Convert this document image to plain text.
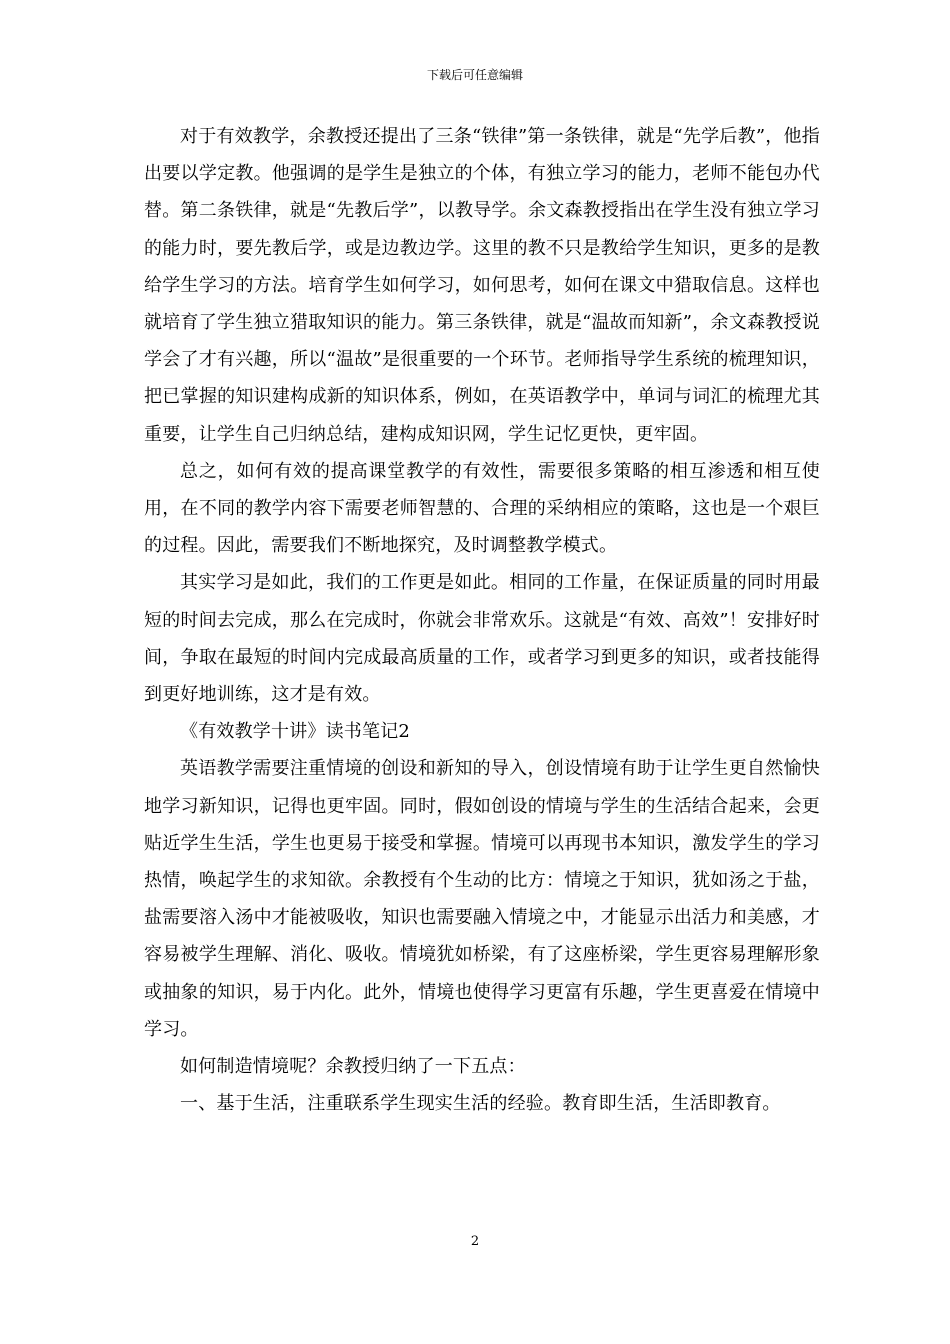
下载后可任意编辑

对于有效教学，余教授还提出了三条“铁律”第一条铁律，就是“先学后教”，他指出要以学定教。他强调的是学生是独立的个体，有独立学习的能力，老师不能包办代替。第二条铁律，就是“先教后学”，以教导学。余文森教授指出在学生没有独立学习的能力时，要先教后学，或是边教边学。这里的教不只是教给学生知识，更多的是教给学生学习的方法。培育学生如何学习，如何思考，如何在课文中猎取信息。这样也就培育了学生独立猎取知识的能力。第三条铁律，就是“温故而知新”，余文森教授说学会了才有兴趣，所以“温故”是很重要的一个环节。老师指导学生系统的梳理知识，把已掌握的知识建构成新的知识体系，例如，在英语教学中，单词与词汇的梳理尤其重要，让学生自己归纳总结，建构成知识网，学生记忆更快，更牢固。

总之，如何有效的提高课堂教学的有效性，需要很多策略的相互渗透和相互使用，在不同的教学内容下需要老师智慧的、合理的采纳相应的策略，这也是一个艰巨的过程。因此，需要我们不断地探究，及时调整教学模式。

其实学习是如此，我们的工作更是如此。相同的工作量，在保证质量的同时用最短的时间去完成，那么在完成时，你就会非常欢乐。这就是“有效、高效”！安排好时间，争取在最短的时间内完成最高质量的工作，或者学习到更多的知识，或者技能得到更好地训练，这才是有效。

《有效教学十讲》读书笔记2

英语教学需要注重情境的创设和新知的导入，创设情境有助于让学生更自然愉快地学习新知识，记得也更牢固。同时，假如创设的情境与学生的生活结合起来，会更贴近学生生活，学生也更易于接受和掌握。情境可以再现书本知识，激发学生的学习热情，唤起学生的求知欲。余教授有个生动的比方：情境之于知识，犹如汤之于盐，盐需要溶入汤中才能被吸收，知识也需要融入情境之中，才能显示出活力和美感，才容易被学生理解、消化、吸收。情境犹如桥梁，有了这座桥梁，学生更容易理解形象或抽象的知识，易于内化。此外，情境也使得学习更富有乐趣，学生更喜爱在情境中学习。

如何制造情境呢？余教授归纳了一下五点：

一、基于生活，注重联系学生现实生活的经验。教育即生活，生活即教育。

2
